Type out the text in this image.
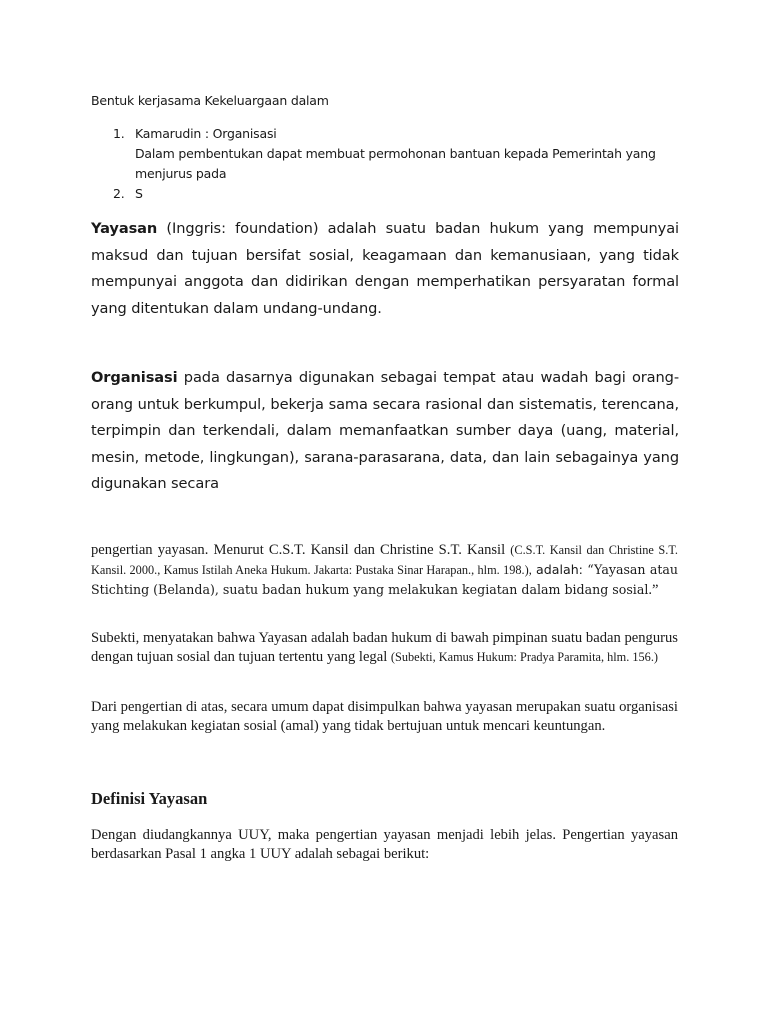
Bentuk kerjasama Kekeluargaan dalam
1. Kamarudin : Organisasi
Dalam pembentukan dapat membuat permohonan bantuan kepada Pemerintah yang menjurus pada
2. S
Yayasan (Inggris: foundation) adalah suatu badan hukum yang mempunyai maksud dan tujuan bersifat sosial, keagamaan dan kemanusiaan, yang tidak mempunyai anggota dan didirikan dengan memperhatikan persyaratan formal yang ditentukan dalam undang-undang.
Organisasi pada dasarnya digunakan sebagai tempat atau wadah bagi orang-orang untuk berkumpul, bekerja sama secara rasional dan sistematis, terencana, terpimpin dan terkendali, dalam memanfaatkan sumber daya (uang, material, mesin, metode, lingkungan), sarana-parasarana, data, dan lain sebagainya yang digunakan secara
pengertian yayasan. Menurut C.S.T. Kansil dan Christine S.T. Kansil (C.S.T. Kansil dan Christine S.T. Kansil. 2000., Kamus Istilah Aneka Hukum. Jakarta: Pustaka Sinar Harapan., hlm. 198.), adalah: “Yayasan atau Stichting (Belanda), suatu badan hukum yang melakukan kegiatan dalam bidang sosial.”
Subekti, menyatakan bahwa Yayasan adalah badan hukum di bawah pimpinan suatu badan pengurus dengan tujuan sosial dan tujuan tertentu yang legal (Subekti, Kamus Hukum: Pradya Paramita, hlm. 156.)
Dari pengertian di atas, secara umum dapat disimpulkan bahwa yayasan merupakan suatu organisasi yang melakukan kegiatan sosial (amal) yang tidak bertujuan untuk mencari keuntungan.
Definisi Yayasan
Dengan diudangkannya UUY, maka pengertian yayasan menjadi lebih jelas. Pengertian yayasan berdasarkan Pasal 1 angka 1 UUY adalah sebagai berikut:
